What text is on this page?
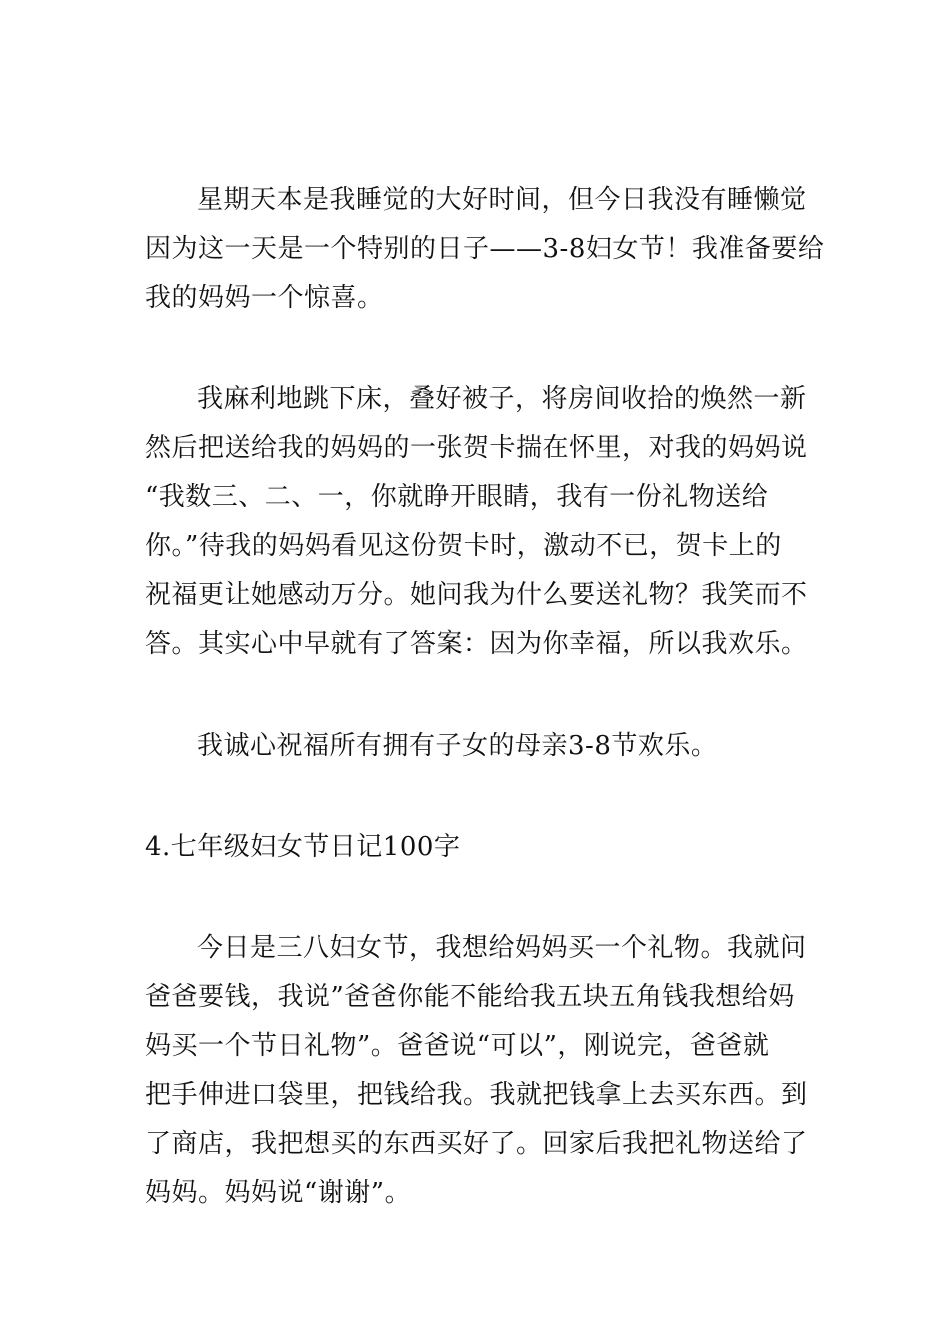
星期天本是我睡觉的大好时间，但今日我没有睡懒觉
因为这一天是一个特别的日子——3-8妇女节！我准备要给
我的妈妈一个惊喜。
我麻利地跳下床，叠好被子，将房间收拾的焕然一新
然后把送给我的妈妈的一张贺卡揣在怀里，对我的妈妈说
“我数三、二、一，你就睁开眼睛，我有一份礼物送给
你。”待我的妈妈看见这份贺卡时，激动不已，贺卡上的
祝福更让她感动万分。她问我为什么要送礼物？我笑而不
答。其实心中早就有了答案：因为你幸福，所以我欢乐。
我诚心祝福所有拥有子女的母亲3-8节欢乐。
4.七年级妇女节日记100字
今日是三八妇女节，我想给妈妈买一个礼物。我就问
爸爸要钱，我说”爸爸你能不能给我五块五角钱我想给妈
妈买一个节日礼物”。爸爸说“可以”，刚说完，爸爸就
把手伸进口袋里，把钱给我。我就把钱拿上去买东西。到
了商店，我把想买的东西买好了。回家后我把礼物送给了
妈妈。妈妈说“谢谢”。
